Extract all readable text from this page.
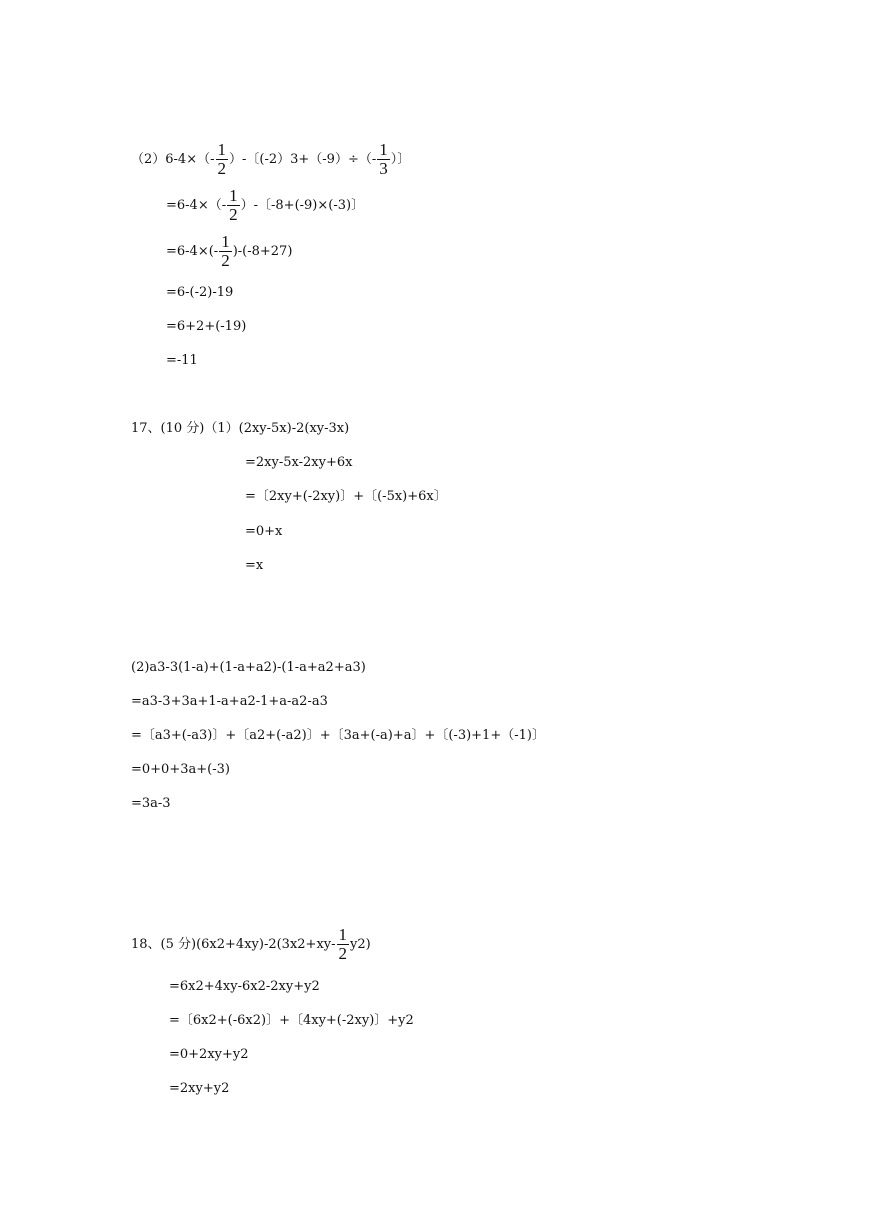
$(2)6-4\times(- \frac{1}{2}$ ）-〔$(-2)3+(-9)\div(- \frac{1}{3}$ ）〕
$=6-4\times(- \frac{1}{2}$ ）-〔-8+(-9)×(-3)〕
$=6-4\times(- \frac{1}{2} )-(-8+27)$
=6-(-2)-19
=6+2+(-19)
=-11
17、(10 分)（1）(2xy-5x)-2(xy-3x)
=2xy-5x-2xy+6x
=〔2xy+(-2xy)〕+〔(-5x)+6x〕
=0+x
=x
(2)a3-3(1-a)+(1-a+a2)-(1-a+a2+a3)
=a3-3+3a+1-a+a2-1+a-a2-a3
=〔a3+(-a3)〕+〔a2+(-a2)〕+〔3a+(-a)+a〕+〔(-3)+1+（-1)〕
=0+0+3a+(-3)
=3a-3
18、(5 分)$(6x2+4xy)-2(3x2+xy- \frac{1}{2} y2)$
=6x2+4xy-6x2-2xy+y2
=〔6x2+(-6x2)〕+〔4xy+(-2xy)〕+y2
=0+2xy+y2
=2xy+y2
